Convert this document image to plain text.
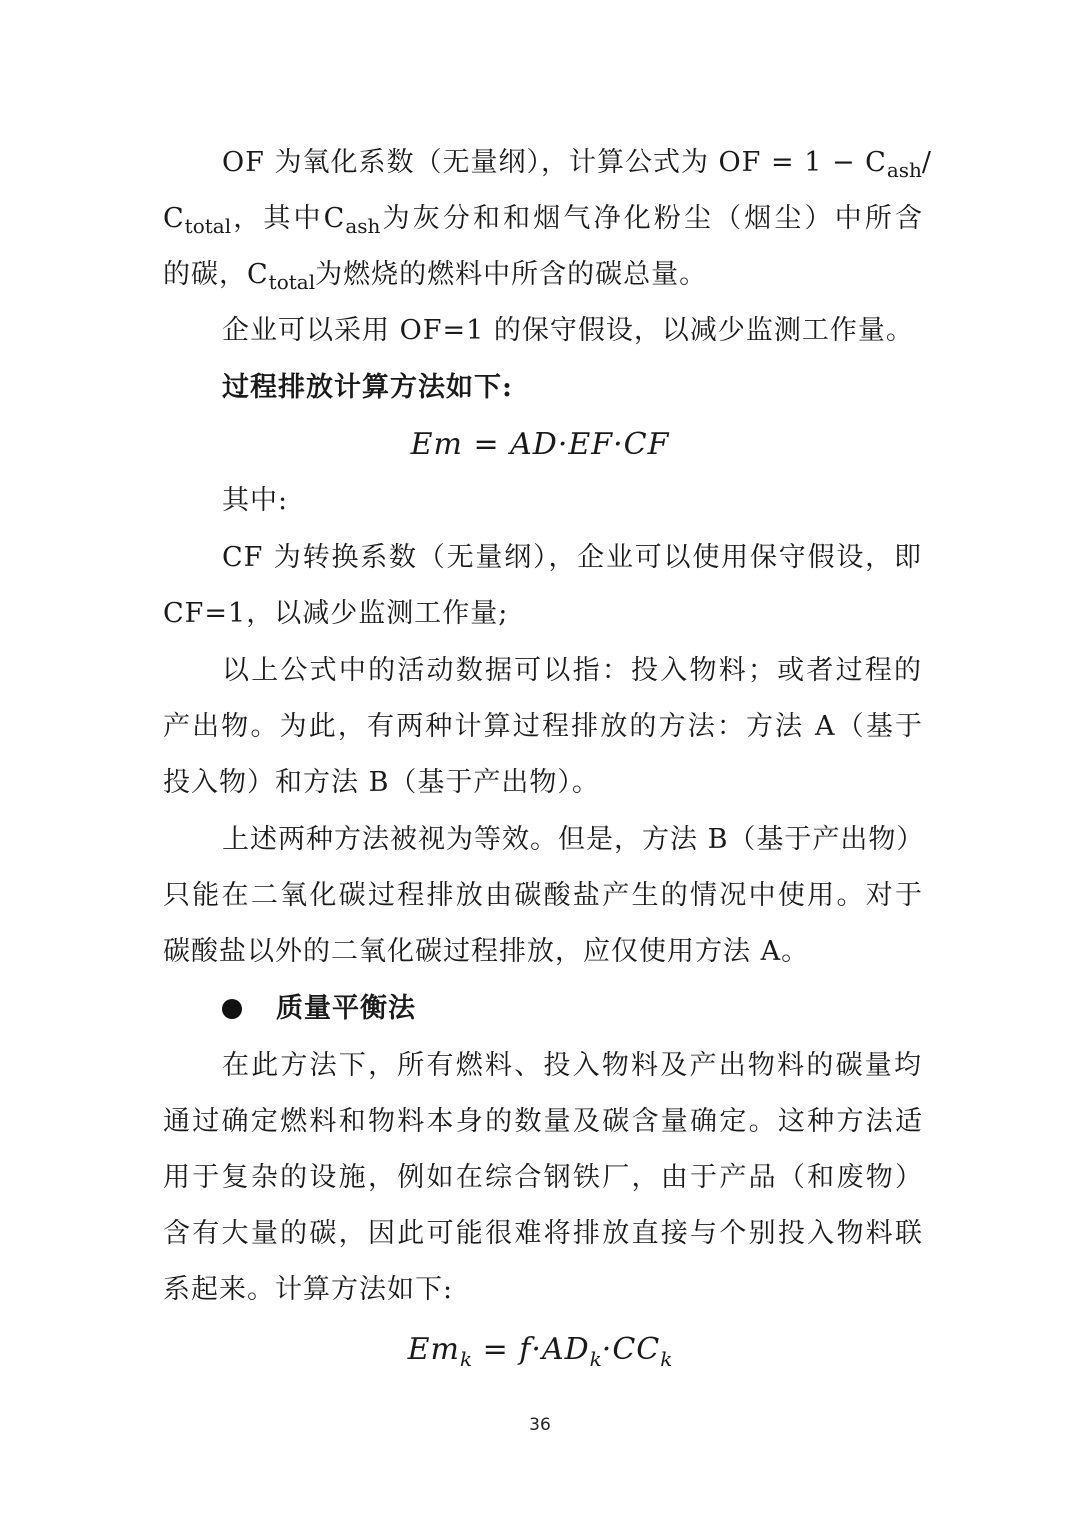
OF 为氧化系数（无量纲），计算公式为 OF = $1 - C_{ash}/$
$C_{total}$，其中$C_{ash}$为灰分和和烟气净化粉尘（烟尘）中所含
的碳，$C_{total}$为燃烧的燃料中所含的碳总量。
企业可以采用 OF=1 的保守假设，以减少监测工作量。
过程排放计算方法如下:
Em = AD·EF·CF
其中:
CF 为转换系数（无量纲），企业可以使用保守假设，即
CF=1，以减少监测工作量;
以上公式中的活动数据可以指：投入物料；或者过程的
产出物。为此，有两种计算过程排放的方法：方法 A（基于
投入物）和方法 B（基于产出物）。
上述两种方法被视为等效。但是，方法 B（基于产出物）
只能在二氧化碳过程排放由碳酸盐产生的情况中使用。对于
碳酸盐以外的二氧化碳过程排放，应仅使用方法 A。
质量平衡法
在此方法下，所有燃料、投入物料及产出物料的碳量均
通过确定燃料和物料本身的数量及碳含量确定。这种方法适
用于复杂的设施，例如在综合钢铁厂，由于产品（和废物）
含有大量的碳，因此可能很难将排放直接与个别投入物料联
系起来。计算方法如下:
$Em_k = f\cdot AD_k\cdot CC_k$
36
